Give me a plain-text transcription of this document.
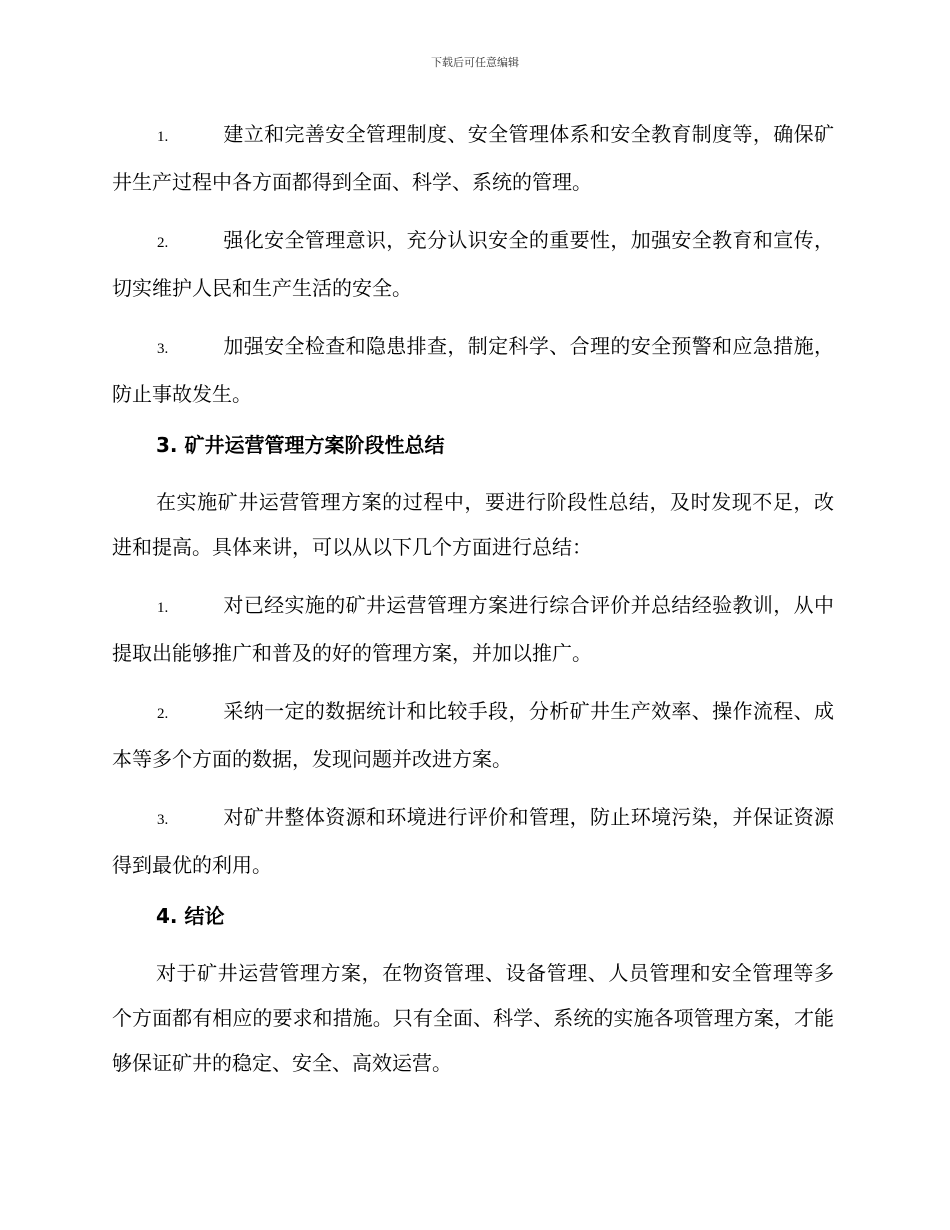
下载后可任意编辑

1.	建立和完善安全管理制度、安全管理体系和安全教育制度等，确保矿井生产过程中各方面都得到全面、科学、系统的管理。

2.	强化安全管理意识，充分认识安全的重要性，加强安全教育和宣传，切实维护人民和生产生活的安全。

3.	加强安全检查和隐患排查，制定科学、合理的安全预警和应急措施，防止事故发生。

3. 矿井运营管理方案阶段性总结

在实施矿井运营管理方案的过程中，要进行阶段性总结，及时发现不足，改进和提高。具体来讲，可以从以下几个方面进行总结：

1.	对已经实施的矿井运营管理方案进行综合评价并总结经验教训，从中提取出能够推广和普及的好的管理方案，并加以推广。

2.	采纳一定的数据统计和比较手段，分析矿井生产效率、操作流程、成本等多个方面的数据，发现问题并改进方案。

3.	对矿井整体资源和环境进行评价和管理，防止环境污染，并保证资源得到最优的利用。

4. 结论

对于矿井运营管理方案，在物资管理、设备管理、人员管理和安全管理等多个方面都有相应的要求和措施。只有全面、科学、系统的实施各项管理方案，才能够保证矿井的稳定、安全、高效运营。
